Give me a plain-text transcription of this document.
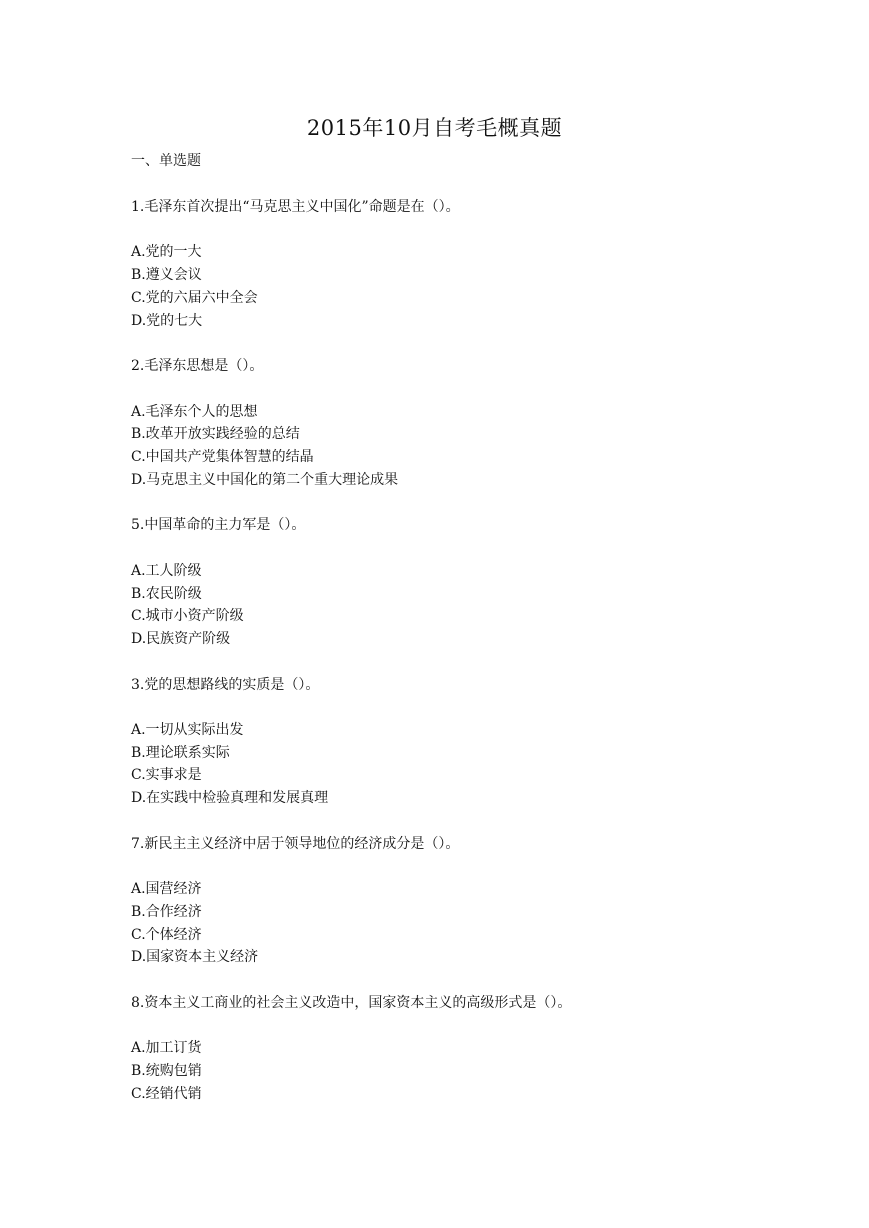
2015年10月自考毛概真题
一、单选题
1.毛泽东首次提出“马克思主义中国化”命题是在（）。
A.党的一大
B.遵义会议
C.党的六届六中全会
D.党的七大
2.毛泽东思想是（）。
A.毛泽东个人的思想
B.改革开放实践经验的总结
C.中国共产党集体智慧的结晶
D.马克思主义中国化的第二个重大理论成果
5.中国革命的主力军是（）。
A.工人阶级
B.农民阶级
C.城市小资产阶级
D.民族资产阶级
3.党的思想路线的实质是（）。
A.一切从实际出发
B.理论联系实际
C.实事求是
D.在实践中检验真理和发展真理
7.新民主主义经济中居于领导地位的经济成分是（）。
A.国营经济
B.合作经济
C.个体经济
D.国家资本主义经济
8.资本主义工商业的社会主义改造中，国家资本主义的高级形式是（）。
A.加工订货
B.统购包销
C.经销代销
